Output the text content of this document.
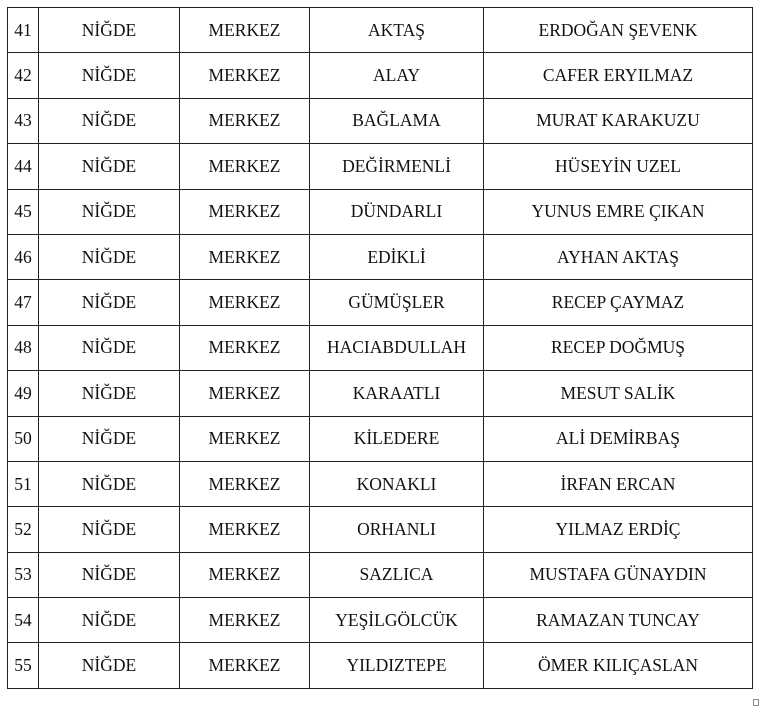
41	NİĞDE	MERKEZ	AKTAŞ	ERDOĞAN ŞEVENK
42	NİĞDE	MERKEZ	ALAY	CAFER ERYILMAZ
43	NİĞDE	MERKEZ	BAĞLAMA	MURAT KARAKUZU
44	NİĞDE	MERKEZ	DEĞİRMENLİ	HÜSEYİN UZEL
45	NİĞDE	MERKEZ	DÜNDARLI	YUNUS EMRE ÇIKAN
46	NİĞDE	MERKEZ	EDİKLİ	AYHAN AKTAŞ
47	NİĞDE	MERKEZ	GÜMÜŞLER	RECEP ÇAYMAZ
48	NİĞDE	MERKEZ	HACIABDULLAH	RECEP DOĞMUŞ
49	NİĞDE	MERKEZ	KARAATLI	MESUT SALİK
50	NİĞDE	MERKEZ	KİLEDERE	ALİ DEMİRBAŞ
51	NİĞDE	MERKEZ	KONAKLI	İRFAN ERCAN
52	NİĞDE	MERKEZ	ORHANLI	YILMAZ ERDİÇ
53	NİĞDE	MERKEZ	SAZLICA	MUSTAFA GÜNAYDIN
54	NİĞDE	MERKEZ	YEŞİLGÖLCÜK	RAMAZAN TUNCAY
55	NİĞDE	MERKEZ	YILDIZTEPE	ÖMER KILIÇASLAN
